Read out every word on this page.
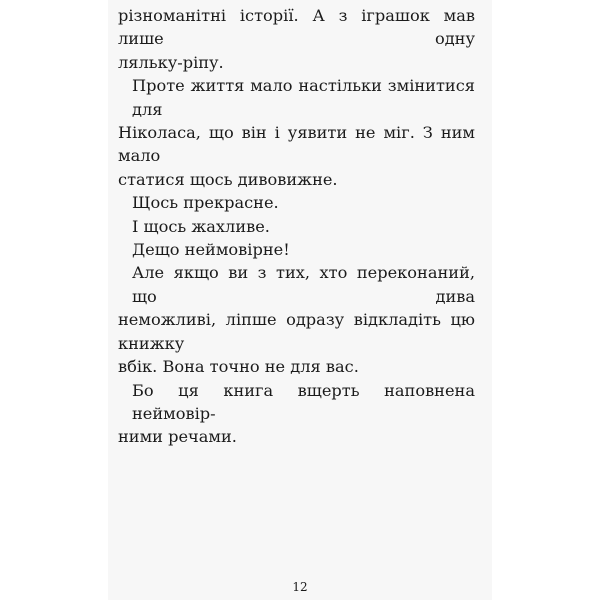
різноманітні історії. А з іграшок мав лише одну
ляльку-ріпу.
Проте життя мало настільки змінитися для
Ніколаса, що він і уявити не міг. З ним мало
статися щось дивовижне.
Щось прекрасне.
І щось жахливе.
Дещо неймовірне!
Але якщо ви з тих, хто переконаний, що дива
неможливі, ліпше одразу відкладіть цю книжку
вбік. Вона точно не для вас.
Бо ця книга вщерть наповнена неймовір-
ними речами.
12
